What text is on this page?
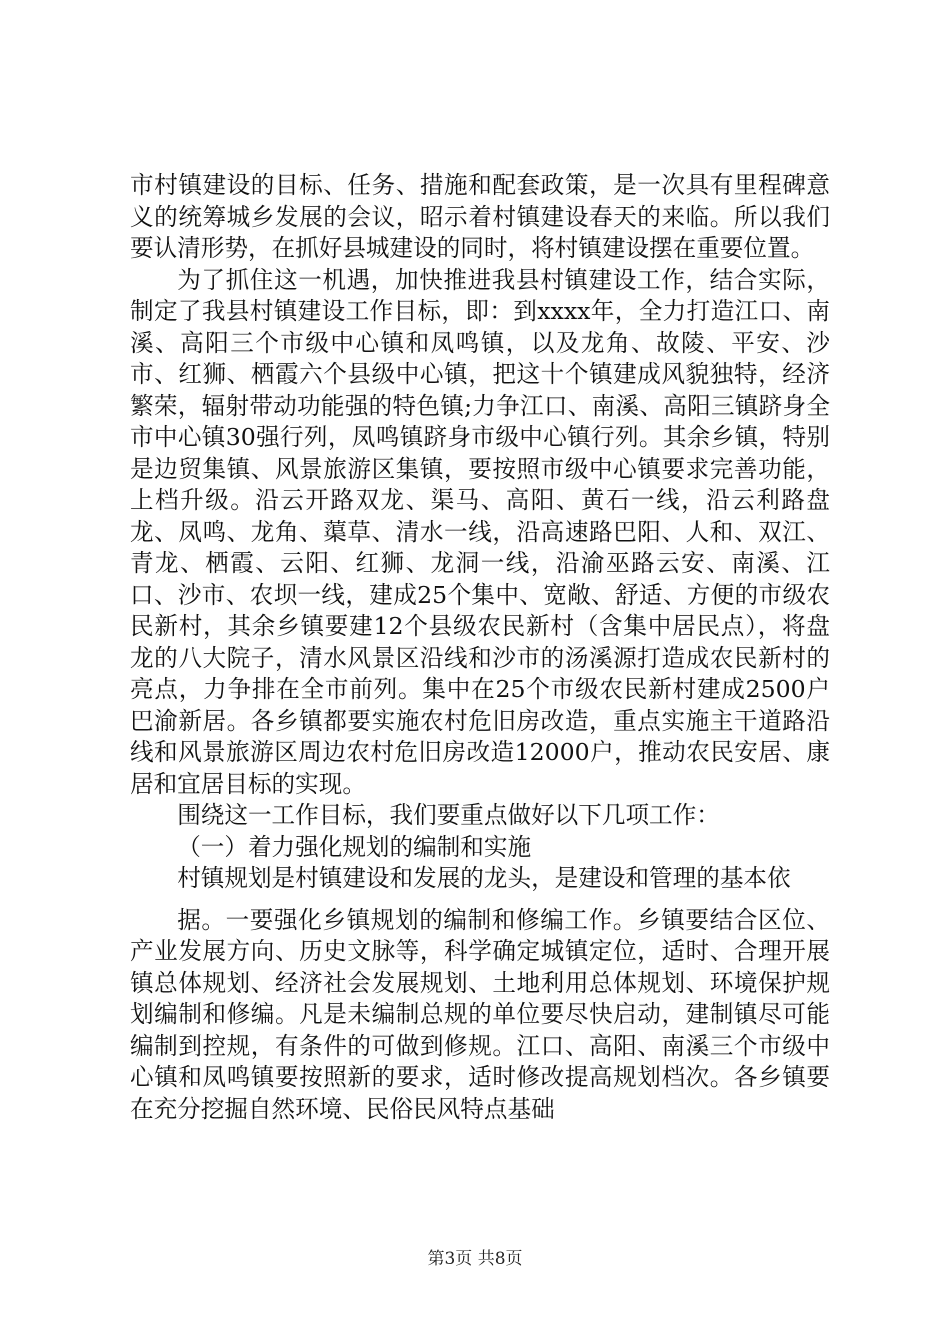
市村镇建设的目标、任务、措施和配套政策，是一次具有里程碑意义的统筹城乡发展的会议，昭示着村镇建设春天的来临。所以我们要认清形势，在抓好县城建设的同时，将村镇建设摆在重要位置。

为了抓住这一机遇，加快推进我县村镇建设工作，结合实际，制定了我县村镇建设工作目标，即：到xxxx年，全力打造江口、南溪、高阳三个市级中心镇和凤鸣镇，以及龙角、故陵、平安、沙市、红狮、栖霞六个县级中心镇，把这十个镇建成风貌独特，经济繁荣，辐射带动功能强的特色镇;力争江口、南溪、高阳三镇跻身全市中心镇30强行列，凤鸣镇跻身市级中心镇行列。其余乡镇，特别是边贸集镇、风景旅游区集镇，要按照市级中心镇要求完善功能，上档升级。沿云开路双龙、渠马、高阳、黄石一线，沿云利路盘龙、凤鸣、龙角、蕖草、清水一线，沿高速路巴阳、人和、双江、青龙、栖霞、云阳、红狮、龙洞一线，沿渝巫路云安、南溪、江口、沙市、农坝一线，建成25个集中、宽敞、舒适、方便的市级农民新村，其余乡镇要建12个县级农民新村（含集中居民点），将盘龙的八大院子，清水风景区沿线和沙市的汤溪源打造成农民新村的亮点，力争排在全市前列。集中在25个市级农民新村建成2500户巴渝新居。各乡镇都要实施农村危旧房改造，重点实施主干道路沿线和风景旅游区周边农村危旧房改造12000户，推动农民安居、康居和宜居目标的实现。

围绕这一工作目标，我们要重点做好以下几项工作：

（一）着力强化规划的编制和实施

村镇规划是村镇建设和发展的龙头，是建设和管理的基本依

据。一要强化乡镇规划的编制和修编工作。乡镇要结合区位、产业发展方向、历史文脉等，科学确定城镇定位，适时、合理开展镇总体规划、经济社会发展规划、土地利用总体规划、环境保护规划编制和修编。凡是未编制总规的单位要尽快启动，建制镇尽可能编制到控规，有条件的可做到修规。江口、高阳、南溪三个市级中心镇和凤鸣镇要按照新的要求，适时修改提高规划档次。各乡镇要在充分挖掘自然环境、民俗民风特点基础

第3页 共8页
